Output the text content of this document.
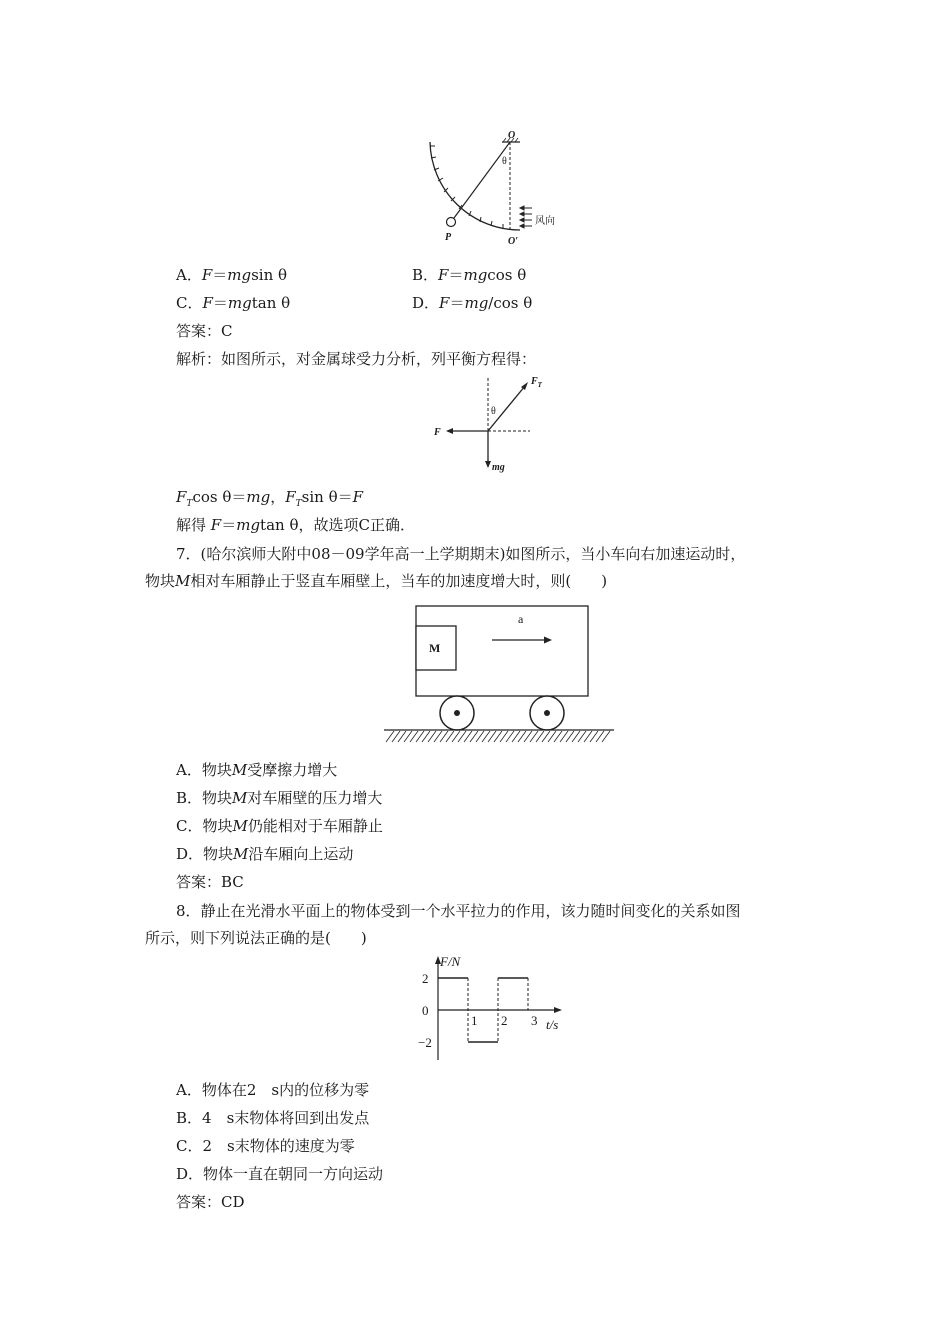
O
θ
P
风向
O′
A．F＝mgsin θ	B．F＝mgcos θ
C．F＝mgtan θ	D．F＝mg/cos θ
答案：C
解析：如图所示，对金属球受力分析，列平衡方程得：
$F_T$
θ
F
mg
$F_T\cos$ θ＝mg，$F_T\sin$ θ＝F
解得 F＝mgtan θ，故选项C正确．
7．(哈尔滨师大附中08－09学年高一上学期期末)如图所示，当小车向右加速运动时，
物块M相对车厢静止于竖直车厢壁上，当车的加速度增大时，则(　　)
M
a
A．物块M受摩擦力增大
B．物块M对车厢壁的压力增大
C．物块M仍能相对于车厢静止
D．物块M沿车厢向上运动
答案：BC
8．静止在光滑水平面上的物体受到一个水平拉力的作用，该力随时间变化的关系如图
所示，则下列说法正确的是(　　)
F/N
t/s
2
0
−2
1 2 3
A．物体在2　s内的位移为零
B．4　s末物体将回到出发点
C．2　s末物体的速度为零
D．物体一直在朝同一方向运动
答案：CD
